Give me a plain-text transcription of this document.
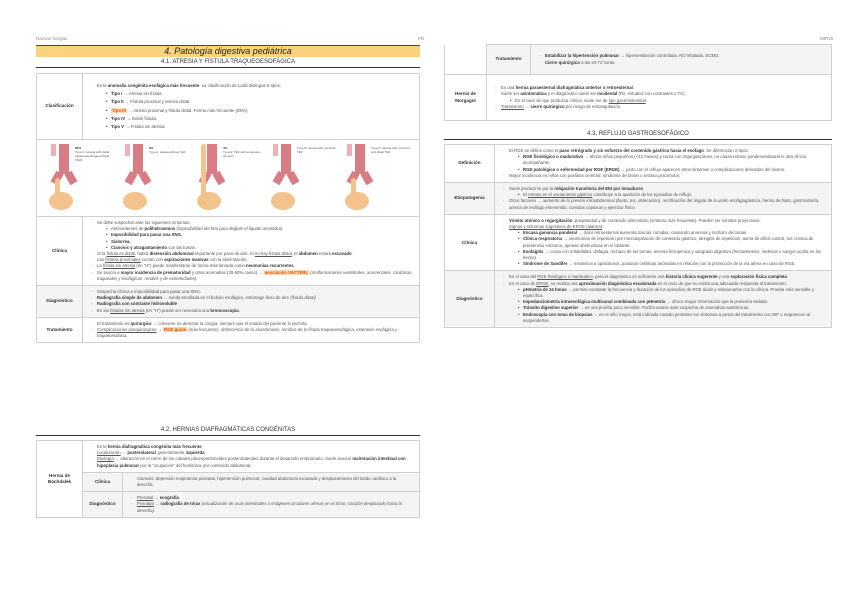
Razvan Gorgan	PD
4. Patología digestiva pediátrica
4.1. ATRESIA Y FÍSTULA TRAQUEOESOFÁGICA
Clasificación	
- Es la anomalía congénita esofágica más frecuente. La clasificación de Ladd distingue 5 tipos:
• Tipo I → Atresia sin fístula.
• Tipo II → Fístula proximal y atresia distal.
• Tipo III → Atresia proximal y fístula distal. Forma más frecuente (85%).
• Tipo IV → Doble fístula.
• Tipo V → Fístula sin atresia.

86%
Type C: atresia with distal tracheoesophageal fistula (TEF)
8%
Type A: atresia without TEF
4%
Type E: TEF without atresia (H-type)
Type B: atresia with proximal TEF
Type D: atresia with proximal and distal TEF

Clínica	
- Se debe sospechar ante los siguientes síntomas:
• Antecedentes de polihidramnios (imposibilidad del feto para deglutir el líquido amniótico).
• Imposibilidad para pasar una SNG.
• Sialorrea.
• Cianosis y atragantamiento con las tomas.
- Si la fístula es distal, habrá distensión abdominal importante por paso de aire. Si no hay fístula distal, el abdomen estará excavado.
- Las fístulas proximales cursan con aspiraciones masivas con la alimentación.
- La fístula sin atresia (en "H") puede manifestarse de forma más larvada como neumonías recurrentes.
- Se asocia a mayor incidencia de prematuridad y otras anomalías (30-50% casos) → asociación VACTERL (malformaciones vertebrales, anorrectales, cardíacas, traqueales y esofágicas, renales y de extremidades).

Diagnóstico	- Sospecha clínica e imposibilidad para pasar una SNG.
- Radiografía simple de abdomen → sonda enrollada en el bolsón esofágico, estómago lleno de aire (fístula distal)
- Radiografía con contraste hidrosoluble
- En las fístulas sin atresia (en "H") puede ser necesaria una broncoscopia.

Tratamiento	- El tratamiento es quirúrgico → conviene no demorar la cirugía, siempre que el estado del paciente lo permita.
- Complicaciones posquirúrgicas → RGE grave (más frecuente), dehiscencia de la anastomosis, recidiva de la fístula traqueoesofágica, estenosis esofágica y traqueomalacia.
4.2. HERNIAS DIAFRAGMÁTICAS CONGÉNITAS
Hernia de Bochdalek	- Es la hernia diafragmática congénita más frecuente.
- Localización → posterolateral, generalmente izquierda.
- Etiología → alteración en el cierre de los canales pleuroperitoneales posterolaterales durante el desarrollo embrionario. Suele asociar malrotación intestinal con hipoplasia pulmonar por la "ocupación" del hemitórax por contenido abdominal.

	Clínica	- Cianosis, depresión respiratoria posnatal, hipertensión pulmonar, cavidad abdominal excavada y desplazamiento del latido cardíaco a la derecha.

	Diagnóstico	- Prenatal → ecografía.
- Posnatal → radiografía de tórax (visualización de asas intestinales o imágenes circulares aéreas en el tórax, corazón desplazado hacia la derecha).
MIR25
	Tratamiento	- Estabilizar la hipertensión pulmonar → hiperventilación controlada, NO inhalado, ECMO.
- Cierre quirúrgico a las 24-72 horas.

Hernia de Morgagni	- Es una hernia paraesternal diafragmática anterior o retroesternal.
- Suele ser asintomática y el diagnóstico suele ser incidental (Rx, estudios con contrastes o TC).
• En el caso de que produzca clínica, suele ser de tipo gastrointestinal.
- Tratamiento → cierre quirúrgico por riesgo de estrangulación.
4.3. REFLUJO GASTROESOFÁGICO
Definición	- El RGE se define como el paso retrógrado y sin esfuerzo del contenido gástrico hacia el esófago. Se diferencian 2 tipos:
• RGE fisiológico o madurativo → afecta niños pequeños (<12 meses) y cursa con regurgitaciones, no causa retraso ponderoestatural ni otra clínica acompañante.
• RGE patológico o enfermedad por RGE (ERGE) → junto con el reflujo aparecen otros síntomas o complicaciones derivados del mismo.
- Mayor incidencia en niños con parálisis cerebral, síndrome de Down o retraso psicomotor.

Etiopatogenia	- Suele producirse por la relajación transitoria del EEI por inmadurez.
• El retraso en el vaciamiento gástrico contribuye a la aparición de los episodios de reflujo.
- Otros factores → aumento de la presión intraabdominal (llanto, tos, defecación), rectificación del ángulo de la unión esofagogástrica, hernia de hiato, gastrostomía, atresia de esófago intervenida, comidas copiosas y ejercicio físico.

Clínica	
- Vómito atónico o regurgitación, posprandial y de contenido alimentario (síntoma más frecuente). Pueden ser vómitos proyectivos.
- Signos y síntomas sugestivos de ERGE (alarma):
• Escasa ganancia ponderal → dolor retroesternal aumenta tras las comidas, causando anorexia y rechazo de tomas.
• Clínica respiratoria → neumonías de repetición por microaspiración de contenido gástrico, laringitis de repetición, asma de difícil control, tos crónica de predominio nocturno, apneas obstructivas en el lactante.
• Esofagitis → cursa con irritabilidad, disfagia, rechazo de las tomas, anemia ferropénica y sangrado digestivo (hematemesis, melenas o sangre oculta en las heces).
• Síndrome de Sandifer → tendencia a opistótonos, posturas cefálicas anómalas en relación con la protección de la vía aérea en caso de RGE.

Diagnóstico	
- En el caso del RGE fisiológico o madurativo, para el diagnóstico es suficiente una historia clínica sugerente y una exploración física completa.
- En el caso de ERGE, se realiza una aproximación diagnóstica escalonada en el caso de que no exista una adecuada respuesta al tratamiento:
• pHmetría de 24 horas → permite constatar la frecuencia y duración de los episodios de RGE ácido y relacionarlos con la clínica. Prueba más sensible y específica.
• Impedanciometría intraesofágica multicanal combinada con pHmetría → ofrece mayor información que la pHmetría aislada.
• Tránsito digestivo superior → es una prueba poco sensible. Podría usarse ante sospecha de anomalías anatómicas.
• Endoscopia con toma de biopsias → en el niño mayor, está indicada cuando persisten los síntomas a pesar del tratamiento con IBP o reaparecen al suspenderlos.
